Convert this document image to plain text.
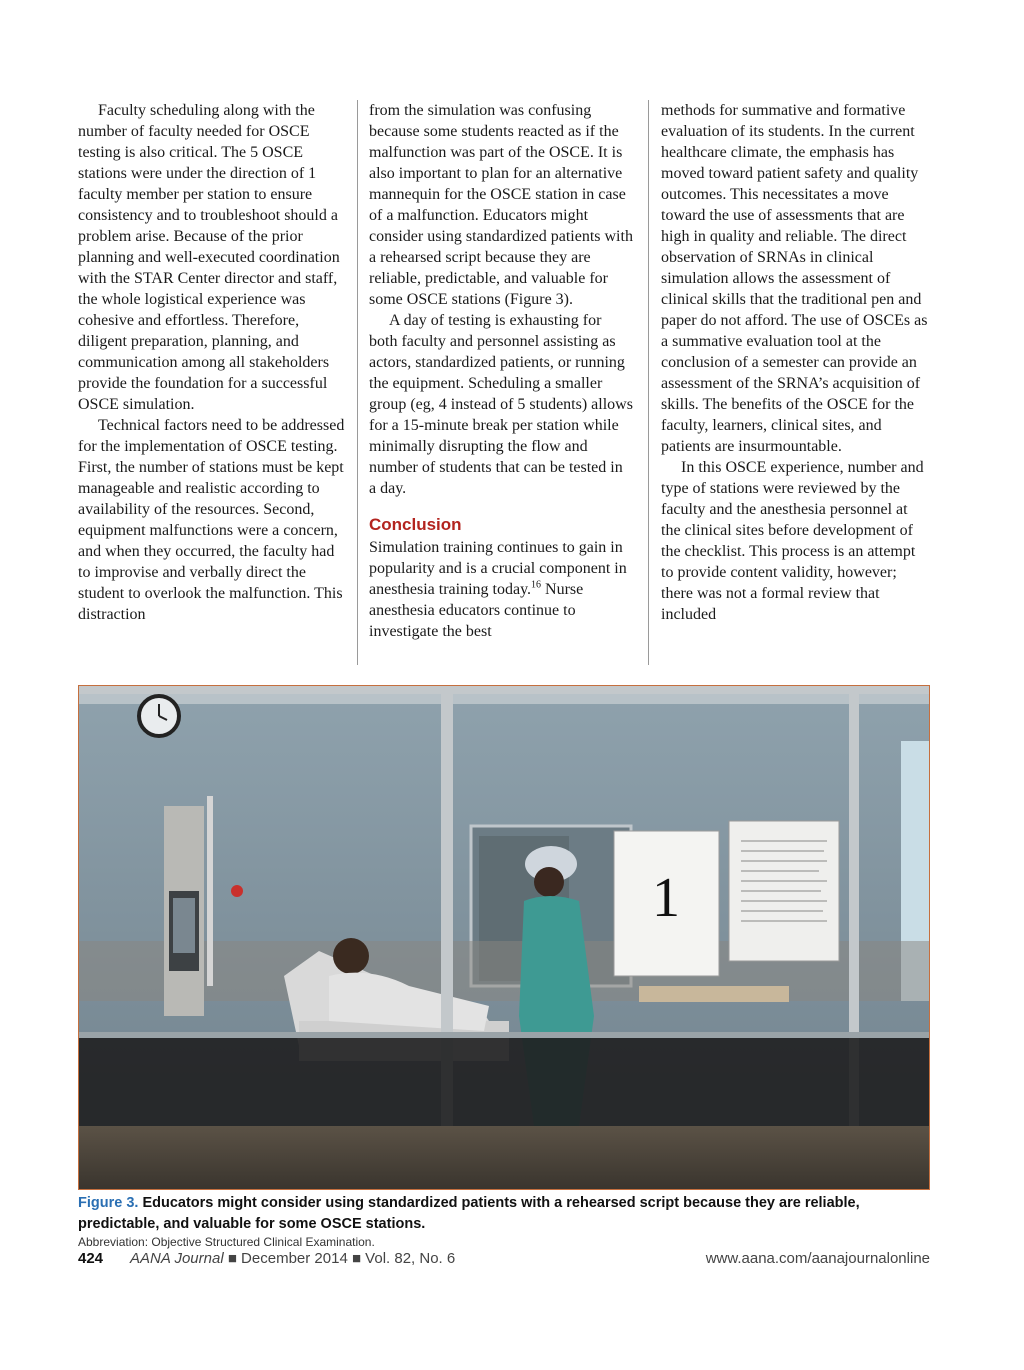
Faculty scheduling along with the number of faculty needed for OSCE testing is also critical. The 5 OSCE stations were under the direction of 1 faculty member per station to ensure consistency and to troubleshoot should a problem arise. Because of the prior planning and well-executed coordination with the STAR Center director and staff, the whole logistical experience was cohesive and effortless. Therefore, diligent preparation, planning, and communication among all stakeholders provide the foundation for a successful OSCE simulation.

Technical factors need to be addressed for the implementation of OSCE testing. First, the number of stations must be kept manageable and realistic according to availability of the resources. Second, equipment malfunctions were a concern, and when they occurred, the faculty had to improvise and verbally direct the student to overlook the malfunction. This distraction

from the simulation was confusing because some students reacted as if the malfunction was part of the OSCE. It is also important to plan for an alternative mannequin for the OSCE station in case of a malfunction. Educators might consider using standardized patients with a rehearsed script because they are reliable, predictable, and valuable for some OSCE stations (Figure 3).

A day of testing is exhausting for both faculty and personnel assisting as actors, standardized patients, or running the equipment. Scheduling a smaller group (eg, 4 instead of 5 students) allows for a 15-minute break per station while minimally disrupting the flow and number of students that can be tested in a day.

Conclusion

Simulation training continues to gain in popularity and is a crucial component in anesthesia training today.$^{16}$ Nurse anesthesia educators continue to investigate the best

methods for summative and formative evaluation of its students. In the current healthcare climate, the emphasis has moved toward patient safety and quality outcomes. This necessitates a move toward the use of assessments that are high in quality and reliable. The direct observation of SRNAs in clinical simulation allows the assessment of clinical skills that the traditional pen and paper do not afford. The use of OSCEs as a summative evaluation tool at the conclusion of a semester can provide an assessment of the SRNA’s acquisition of skills. The benefits of the OSCE for the faculty, learners, clinical sites, and patients are insurmountable.

In this OSCE experience, number and type of stations were reviewed by the faculty and the anesthesia personnel at the clinical sites before development of the checklist. This process is an attempt to provide content validity, however; there was not a formal review that included

1
Figure 3. Educators might consider using standardized patients with a rehearsed script because they are reliable, predictable, and valuable for some OSCE stations.
Abbreviation: Objective Structured Clinical Examination.
424 AANA Journal ■ December 2014 ■ Vol. 82, No. 6	www.aana.com/aanajournalonline
